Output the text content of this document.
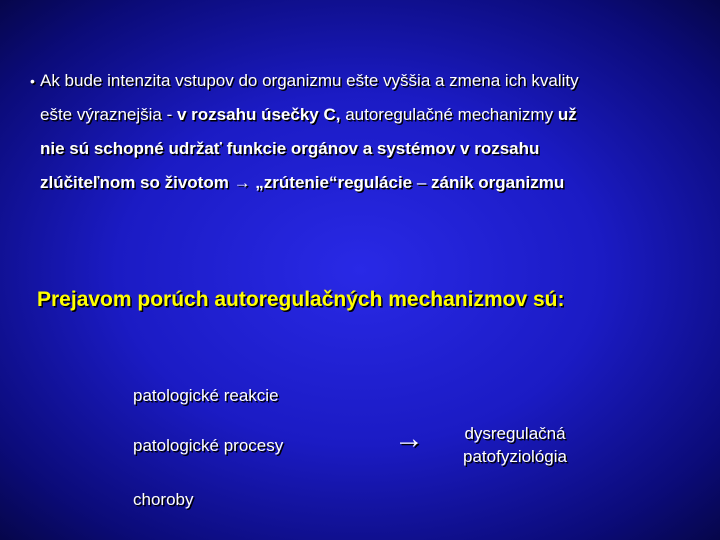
• Ak bude intenzita vstupov do organizmu ešte vyššia a zmena ich kvality
ešte výraznejšia - v rozsahu úsečky C, autoregulačné mechanizmy už
nie sú schopné udržať funkcie orgánov a systémov v rozsahu
zlúčiteľnom so životom → „zrútenie“regulácie – zánik organizmu
Prejavom porúch autoregulačných mechanizmov sú:
patologické reakcie
patologické procesy
choroby
→	dysregulačná
patofyziológia
